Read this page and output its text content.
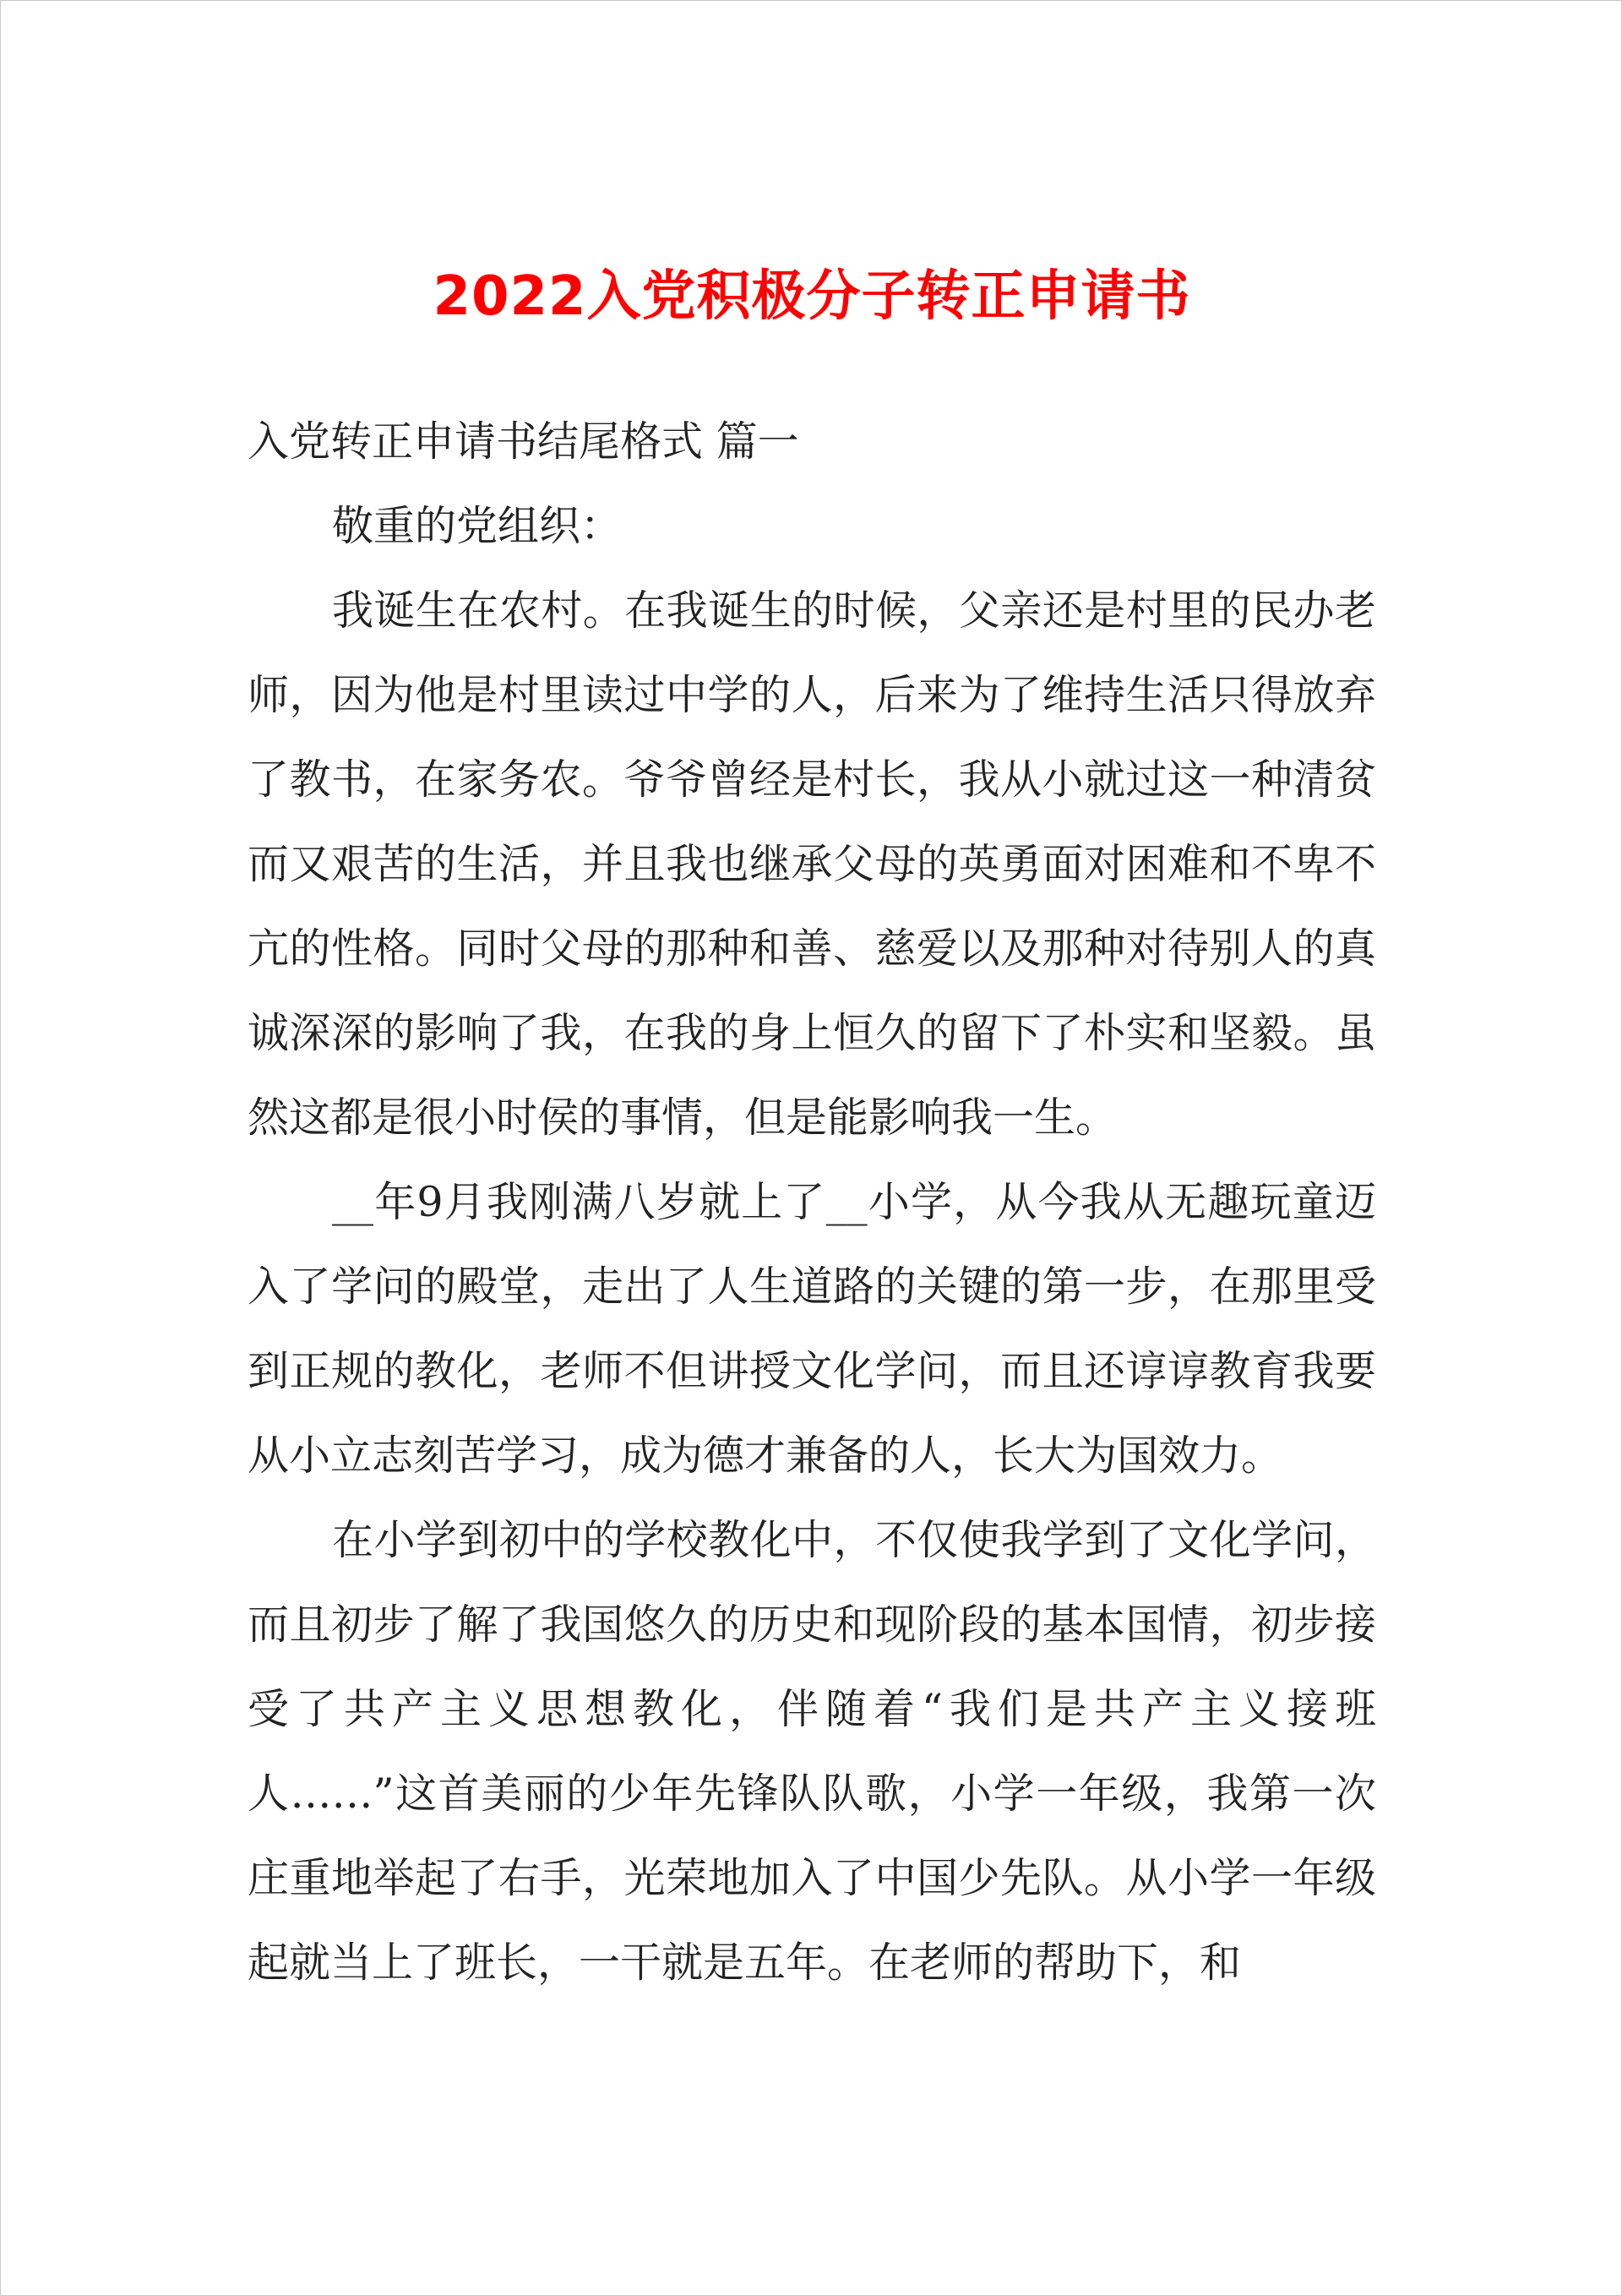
2022入党积极分子转正申请书

入党转正申请书结尾格式 篇一

敬重的党组织：

我诞生在农村。在我诞生的时候，父亲还是村里的民办老师，因为他是村里读过中学的人，后来为了维持生活只得放弃了教书，在家务农。爷爷曾经是村长，我从小就过这一种清贫而又艰苦的生活，并且我也继承父母的英勇面对困难和不卑不亢的性格。同时父母的那种和善、慈爱以及那种对待别人的真诚深深的影响了我，在我的身上恒久的留下了朴实和坚毅。虽然这都是很小时侯的事情，但是能影响我一生。

__年9月我刚满八岁就上了__小学，从今我从无趣玩童迈入了学问的殿堂，走出了人生道路的关键的第一步，在那里受到正规的教化，老师不但讲授文化学问，而且还谆谆教育我要从小立志刻苦学习，成为德才兼备的人，长大为国效力。

在小学到初中的学校教化中，不仅使我学到了文化学问，而且初步了解了我国悠久的历史和现阶段的基本国情，初步接受了共产主义思想教化，伴随着“我们是共产主义接班人……”这首美丽的少年先锋队队歌，小学一年级，我第一次庄重地举起了右手，光荣地加入了中国少先队。从小学一年级起就当上了班长，一干就是五年。在老师的帮助下，和
